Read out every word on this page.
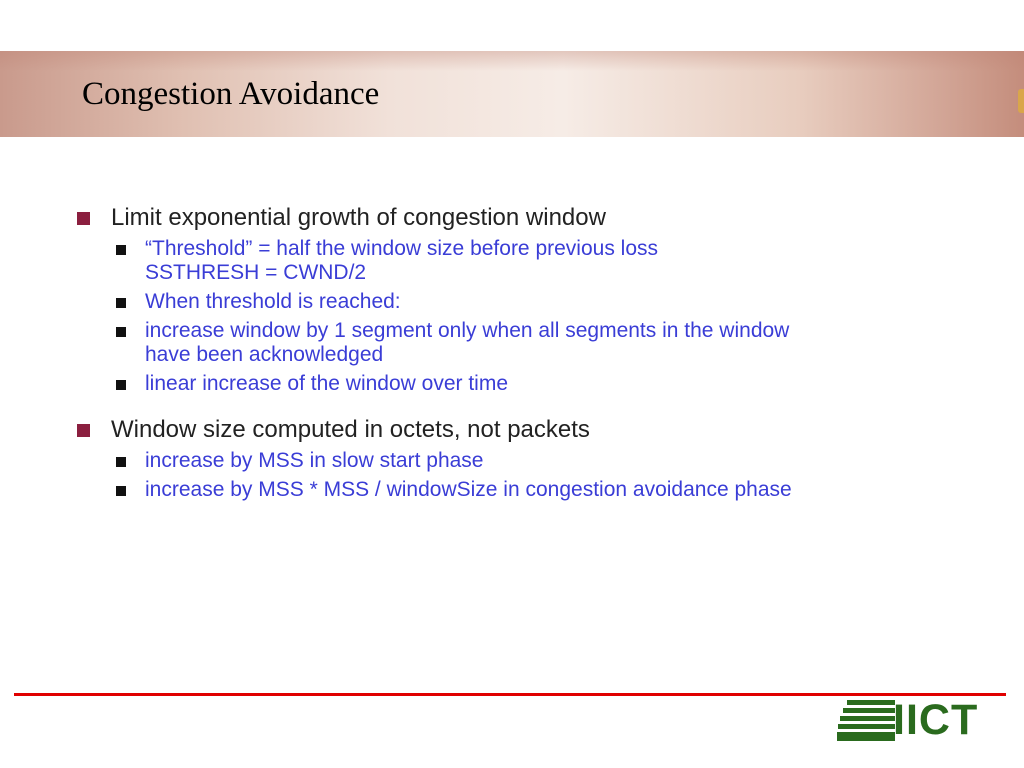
Congestion Avoidance
Limit exponential growth of congestion window
“Threshold” = half the window size before previous loss
SSTHRESH = CWND/2
When threshold is reached:
increase window by 1 segment only when all segments in the window
have been acknowledged
linear increase of the window over time
Window size computed in octets, not packets
increase by MSS in slow start phase
increase by MSS * MSS / windowSize in congestion avoidance phase
IICT
